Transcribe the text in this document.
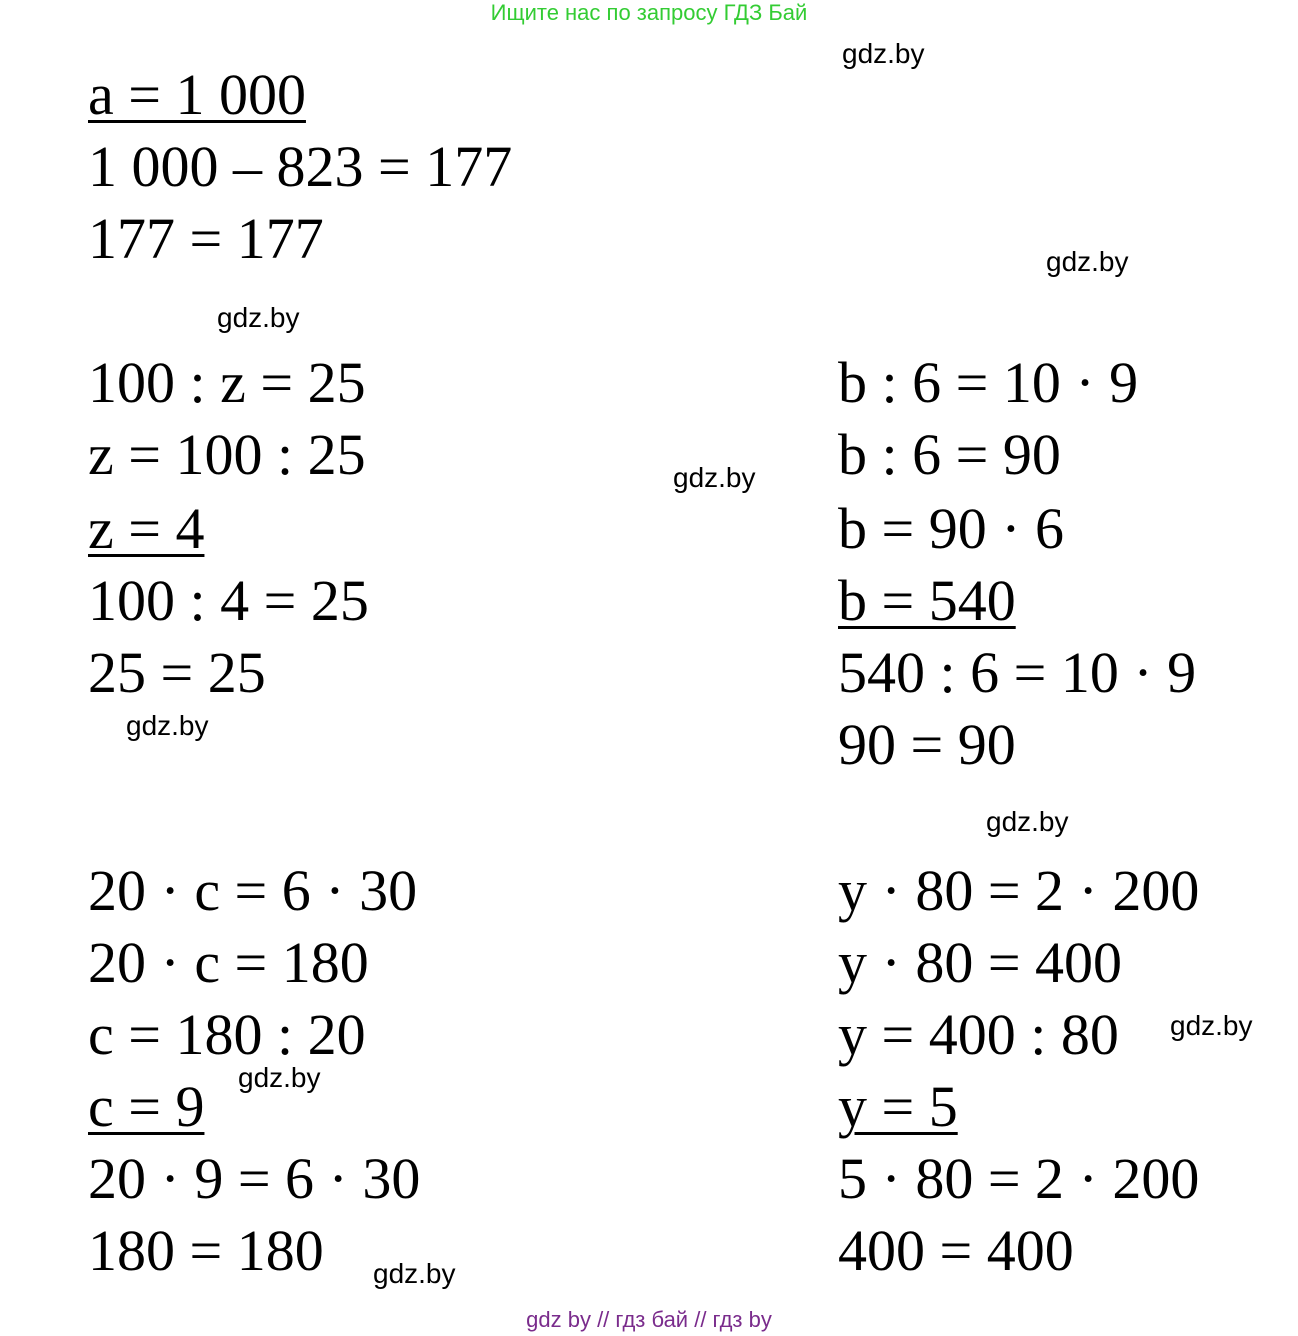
Ищите нас по запросу ГДЗ Бай
gdz.by
gdz.by
gdz.by
gdz.by
gdz.by
gdz.by
gdz.by
gdz.by
gdz.by
a = 1 000
1 000 – 823 = 177
177 = 177
100 : z = 25
z = 100 : 25
z = 4
100 : 4 = 25
25 = 25
b : 6 = 10 · 9
b : 6 = 90
b = 90 · 6
b = 540
540 : 6 = 10 · 9
90 = 90
20 · c = 6 · 30
20 · c = 180
c = 180 : 20
c = 9
20 · 9 = 6 · 30
180 = 180
y · 80 = 2 · 200
y · 80 = 400
y = 400 : 80
y = 5
5 · 80 = 2 · 200
400 = 400
gdz by // гдз бай // гдз by
